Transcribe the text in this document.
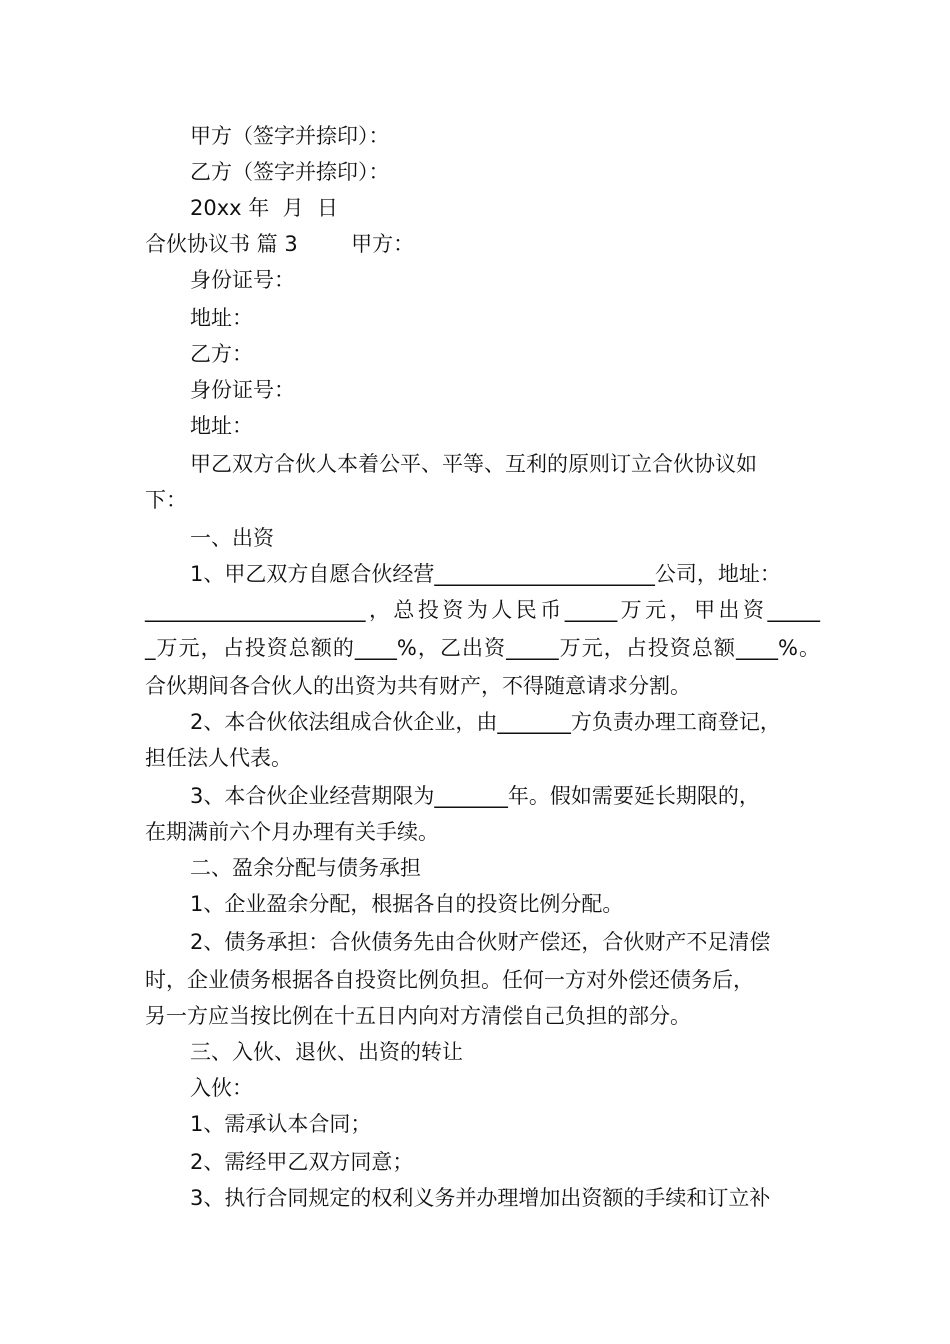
甲方（签字并捺印）：
乙方（签字并捺印）：
20xx 年  月  日
合伙协议书 篇 3        甲方：
身份证号：
地址：
乙方：
身份证号：
地址：
甲乙双方合伙人本着公平、平等、互利的原则订立合伙协议如
下：
一、出资
1、甲乙双方自愿合伙经营_____________________公司，地址：
_____________________，总投资为人民币_____万元，甲出资_____
_万元，占投资总额的____%，乙出资_____万元，占投资总额____%。
合伙期间各合伙人的出资为共有财产，不得随意请求分割。
2、本合伙依法组成合伙企业，由_______方负责办理工商登记，
担任法人代表。
3、本合伙企业经营期限为_______年。假如需要延长期限的，
在期满前六个月办理有关手续。
二、盈余分配与债务承担
1、企业盈余分配，根据各自的投资比例分配。
2、债务承担：合伙债务先由合伙财产偿还，合伙财产不足清偿
时，企业债务根据各自投资比例负担。任何一方对外偿还债务后，
另一方应当按比例在十五日内向对方清偿自己负担的部分。
三、入伙、退伙、出资的转让
入伙：
1、需承认本合同；
2、需经甲乙双方同意；
3、执行合同规定的权利义务并办理增加出资额的手续和订立补
